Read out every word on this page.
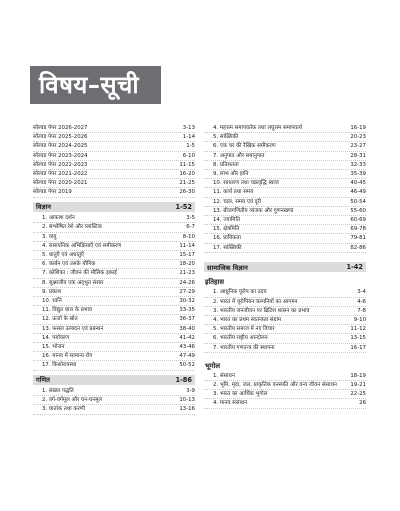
विषय–सूची
सॉल्वड पेपर 2026-2027	3-13
सॉल्वड पेपर 2025-2026	1-14
सॉल्वड पेपर 2024-2025	1-5
सॉल्वड पेपर 2023-2024	6-10
सॉल्वड पेपर 2022-2023	11-15
सॉल्वड पेपर 2021-2022	16-20
सॉल्वड पेपर 2020-2021	21-25
सॉल्वड पेपर 2019	26-30
विज्ञान	1-52
1. आकाश दर्शन	3-5
2. संश्लेषित रेशे और प्लास्टिक	6-7
3. वायु	8-10
4. रासायनिक अभिक्रियाएँ एवं समीकरण	11-14
5. धातुएँ एवं अधातुएँ	15-17
6. कार्बन एवं उसके यौगिक	18-20
7. कोशिका : जीवन की मौलिक इकाई	21-23
8. सूक्ष्मजीव एक अद्‌भुत संसार	24-26
9. प्रकाश	27-29
10. ध्वनि	30-32
11. विद्युत धारा के प्रभाव	33-35
12. ऊर्जा के स्रोत	36-37
13. फसल उत्पादन एवं प्रबन्धन	38-40
14. पर्यावरण	41-42
15. भोजन	43-46
16. मानव में सामान्य रोग	47-49
17. किशोरावस्था	50-52
गणित	1-86
1. संख्या पद्धति	3-9
2. वर्ग-वर्गमूल और घन-घनमूल	10-13
3. घातांक तथा करणी	13-16
4. महत्तम समापवर्तक तथा लघुत्तम समापवर्त्य	16-19
5. सांख्यिकी	20-23
6. एक चर की रैखिक समीकरण	23-27
7. अनुपात और समानुपात	28-31
8. प्रतिशतता	32-33
9. लाभ और हानि	35-39
10. साधारण तथा चक्रवृद्धि ब्याज	40-45
11. कार्य तथा समय	46-49
12. चाल, समय एवं दूरी	50-54
13. बीजगणितीय व्यंजक और गुणनखण्ड	55-60
14. ज्यामिति	60-69
15. क्षेत्रमिति	69-78
16. प्रायिकता	79-81
17. सांख्यिकी	82-86
सामाजिक विज्ञान	1-42
इतिहास
1. आधुनिक यूरोप का उदय	3-4
2. भारत में यूरोपियन कम्पनियों का आगमन	4-6
3. भारतीय जनजीवन पर ब्रिटिश शासन का प्रभाव	7-8
4. भारत का प्रथम स्वतन्त्रता संग्राम	9-10
5. भारतीय समाज में नए विचार	11-12
6. भारतीय राष्ट्रीय आन्दोलन	13-15
7. भारतीय गणतन्त्र की स्थापना	16-17
भूगोल
1. संसाधन	18-19
2. भूमि, मृदा, जल, प्राकृतिक वनस्पति और वन्य जीवन संसाधन	19-21
3. भारत का आर्थिक भूगोल	22-25
4. मानव संसाधन	26
